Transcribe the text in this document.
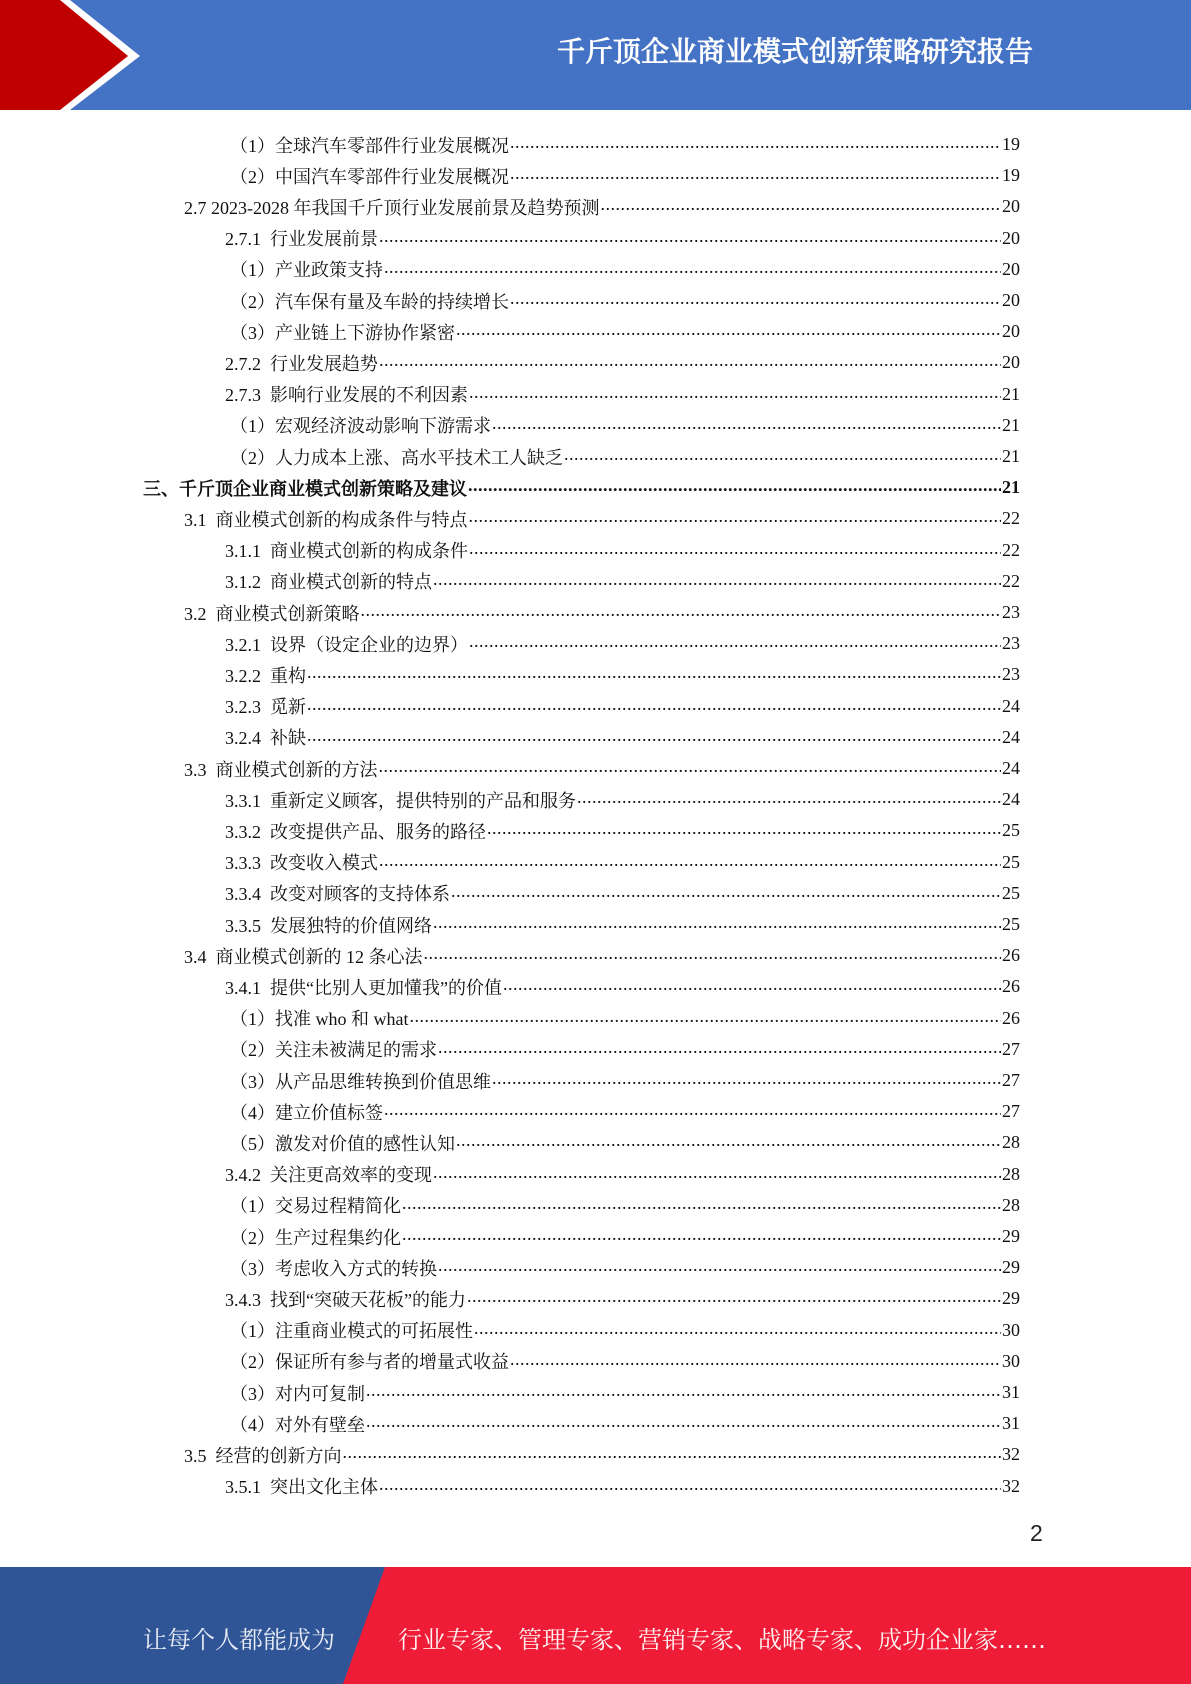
千斤顶企业商业模式创新策略研究报告
（1）全球汽车零部件行业发展概况 .....	19
（2）中国汽车零部件行业发展概况 .....	19
2.7 2023-2028 年我国千斤顶行业发展前景及趋势预测 .....	20
2.7.1  行业发展前景 .....	20
（1）产业政策支持 .....	20
（2）汽车保有量及车龄的持续增长 .....	20
（3）产业链上下游协作紧密 .....	20
2.7.2  行业发展趋势 .....	20
2.7.3  影响行业发展的不利因素 .....	21
（1）宏观经济波动影响下游需求 .....	21
（2）人力成本上涨、高水平技术工人缺乏 .....	21
三、千斤顶企业商业模式创新策略及建议 .....	21
3.1  商业模式创新的构成条件与特点 .....	22
3.1.1  商业模式创新的构成条件 .....	22
3.1.2  商业模式创新的特点 .....	22
3.2  商业模式创新策略 .....	23
3.2.1  设界（设定企业的边界） .....	23
3.2.2  重构 .....	23
3.2.3  觅新 .....	24
3.2.4  补缺 .....	24
3.3  商业模式创新的方法 .....	24
3.3.1  重新定义顾客，提供特别的产品和服务 .....	24
3.3.2  改变提供产品、服务的路径 .....	25
3.3.3  改变收入模式 .....	25
3.3.4  改变对顾客的支持体系 .....	25
3.3.5  发展独特的价值网络 .....	25
3.4  商业模式创新的 12 条心法 .....	26
3.4.1  提供“比别人更加懂我”的价值 .....	26
（1）找准 who 和 what .....	26
（2）关注未被满足的需求 .....	27
（3）从产品思维转换到价值思维 .....	27
（4）建立价值标签 .....	27
（5）激发对价值的感性认知 .....	28
3.4.2  关注更高效率的变现 .....	28
（1）交易过程精简化 .....	28
（2）生产过程集约化 .....	29
（3）考虑收入方式的转换 .....	29
3.4.3  找到“突破天花板”的能力 .....	29
（1）注重商业模式的可拓展性 .....	30
（2）保证所有参与者的增量式收益 .....	30
（3）对内可复制 .....	31
（4）对外有壁垒 .....	31
3.5  经营的创新方向 .....	32
3.5.1  突出文化主体 .....	32
2
让每个人都能成为	行业专家、管理专家、营销专家、战略专家、成功企业家……
